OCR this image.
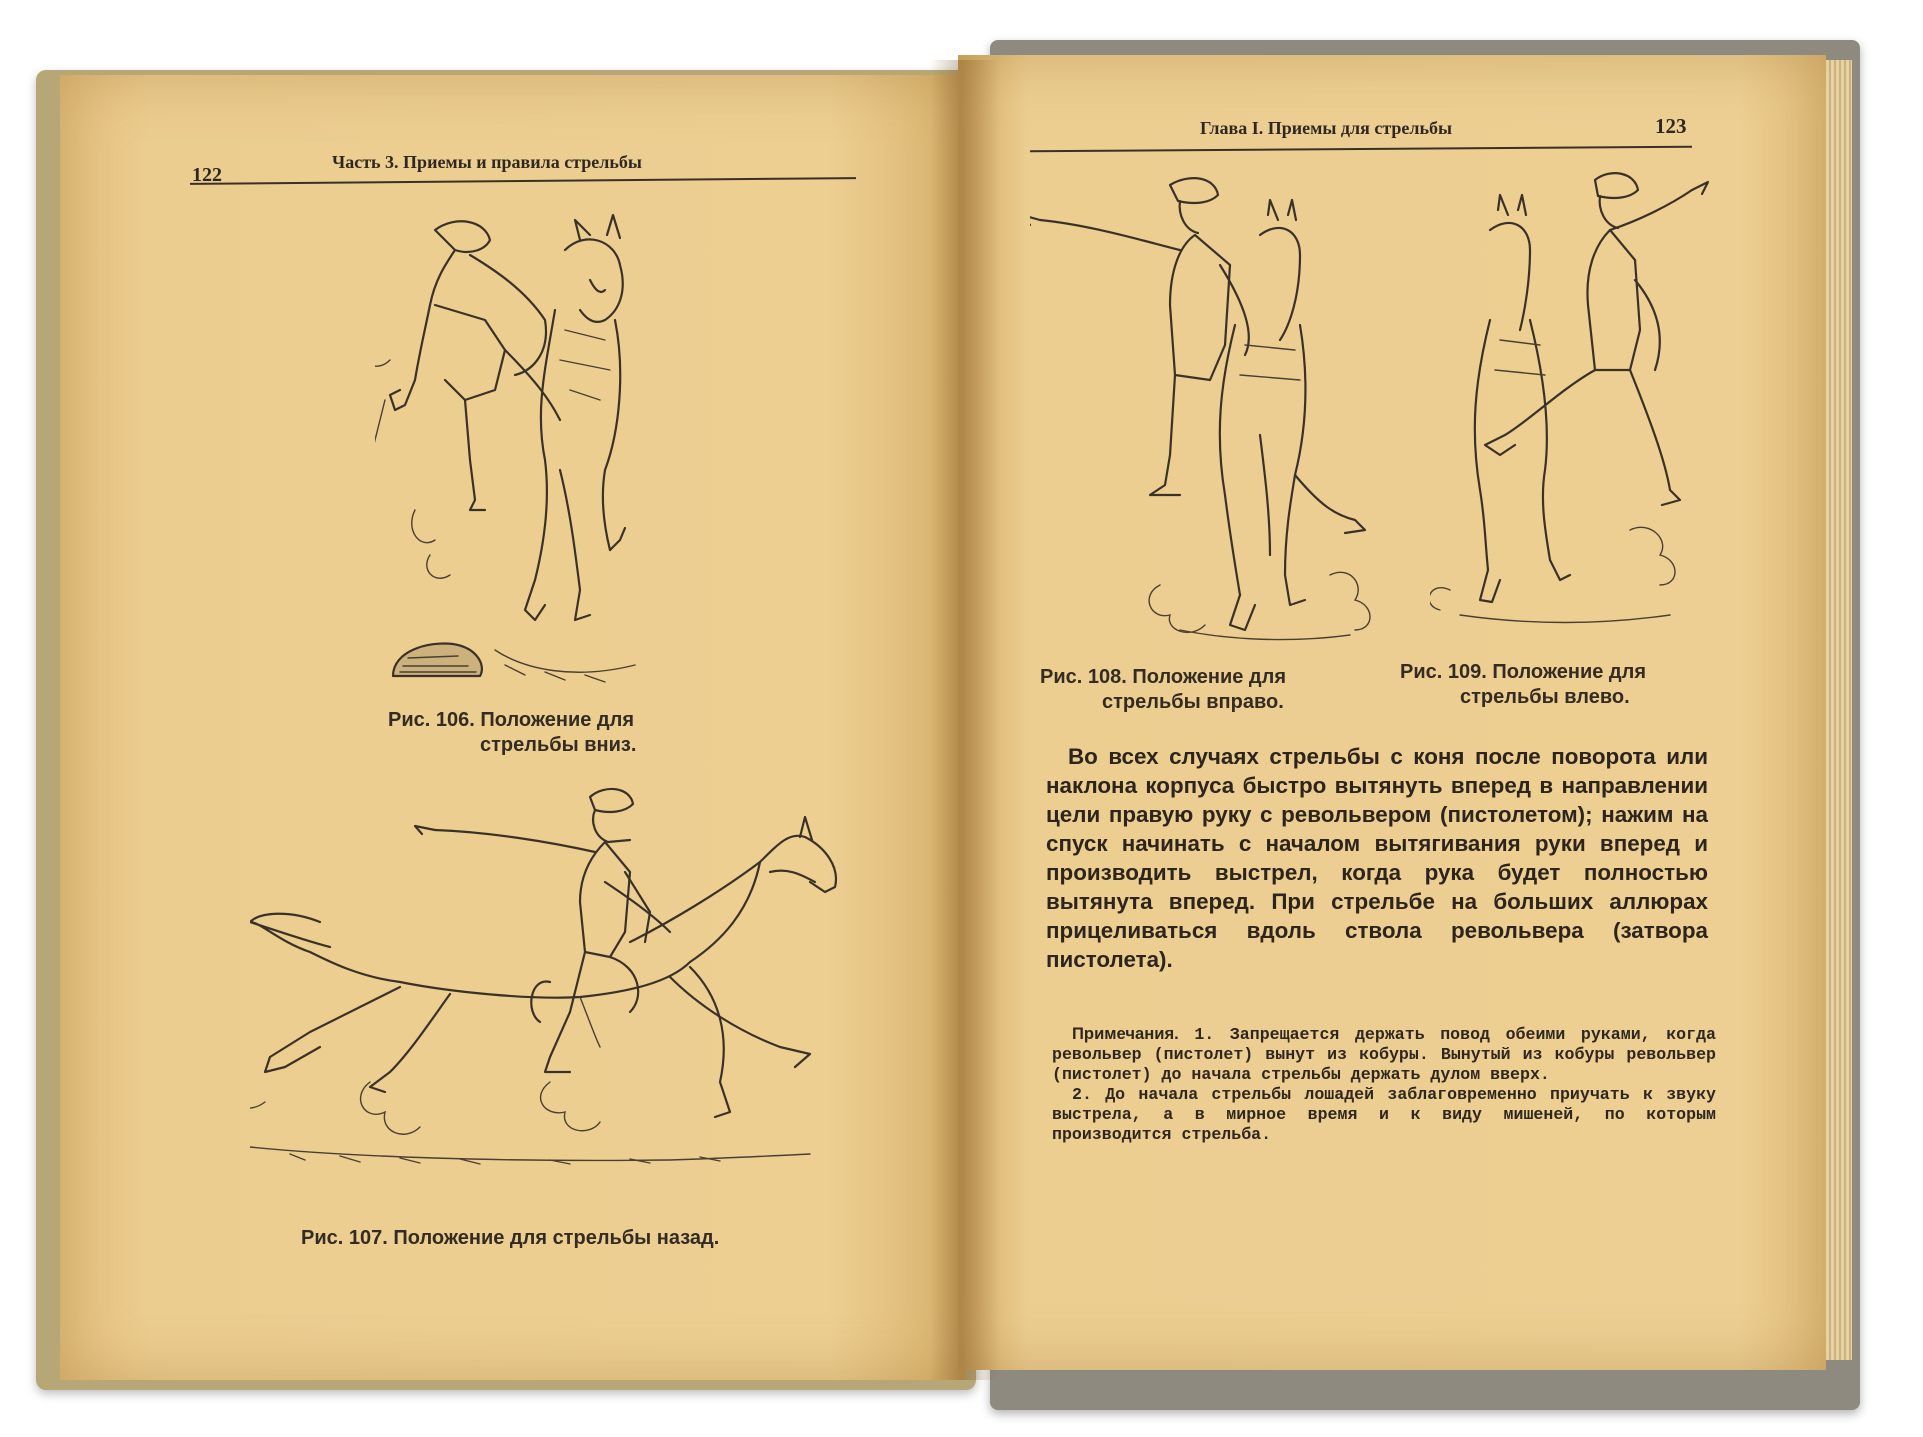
122
Часть 3. Приемы и правила стрельбы
Рис. 106. Положение для
стрельбы вниз.
Рис. 107. Положение для стрельбы назад.
Глава I. Приемы для стрельбы	123
Рис. 108. Положение для
стрельбы вправо.
Рис. 109. Положение для
стрельбы влево.

Во всех случаях стрельбы с коня после поворота или наклона корпуса быстро вытянуть вперед в направлении цели правую руку с револьвером (пистолетом); нажим на спуск начинать с началом вытягивания руки вперед и производить выстрел, когда рука будет полностью вытянута вперед. При стрельбе на больших аллюрах прицеливаться вдоль ствола револьвера (затвора пистолета).

Примечания. 1. Запрещается держать повод обеими руками, когда револьвер (пистолет) вынут из кобуры. Вынутый из кобуры револьвер (пистолет) до начала стрельбы держать дулом вверх.

2. До начала стрельбы лошадей заблаговременно приучать к звуку выстрела, а в мирное время и к виду мишеней, по которым производится стрельба.
